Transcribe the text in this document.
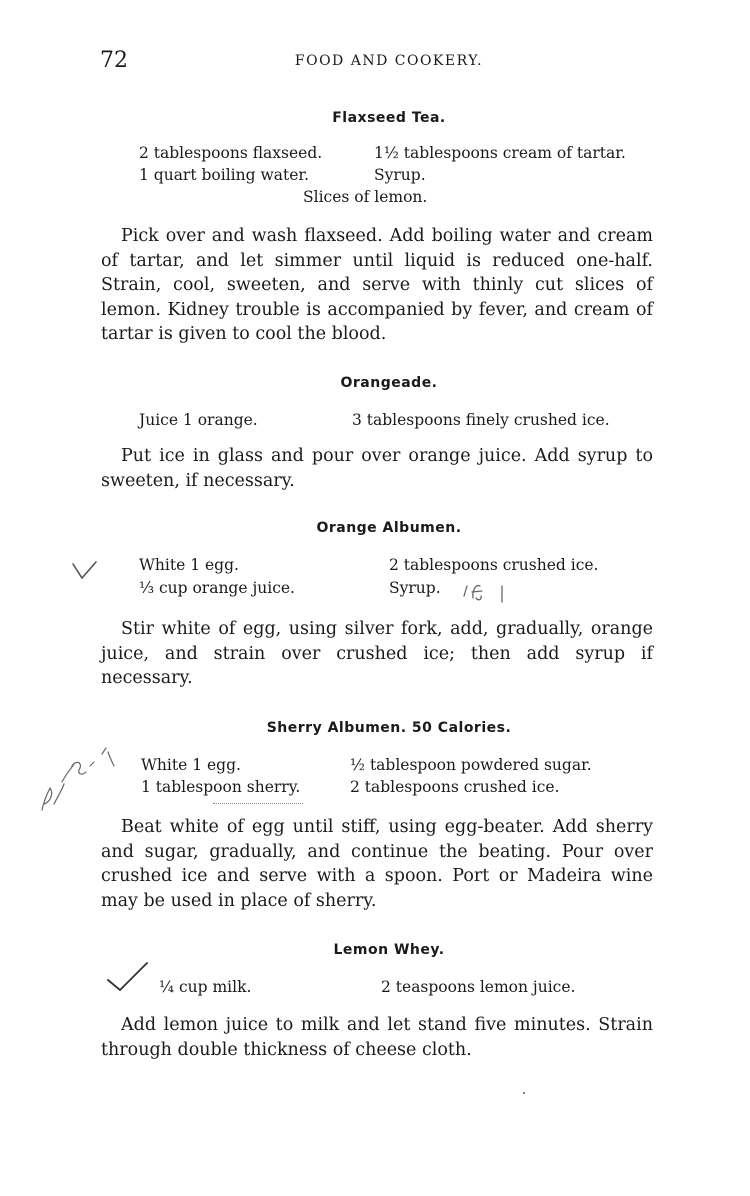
72	FOOD AND COOKERY.
Flaxseed Tea.
2 tablespoons flaxseed.	1½ tablespoons cream of tartar.
1 quart boiling water.	Syrup.
Slices of lemon.

Pick over and wash flaxseed. Add boiling water and cream of tartar, and let simmer until liquid is reduced one-half. Strain, cool, sweeten, and serve with thinly cut slices of lemon. Kidney trouble is accompanied by fever, and cream of tartar is given to cool the blood.

Orangeade.
Juice 1 orange.	3 tablespoons finely crushed ice.

Put ice in glass and pour over orange juice. Add syrup to sweeten, if necessary.

Orange Albumen.
White 1 egg.	2 tablespoons crushed ice.
⅓ cup orange juice.	Syrup.

Stir white of egg, using silver fork, add, gradually, orange juice, and strain over crushed ice; then add syrup if necessary.

Sherry Albumen. 50 Calories.
White 1 egg.	½ tablespoon powdered sugar.
1 tablespoon sherry.	2 tablespoons crushed ice.

Beat white of egg until stiff, using egg-beater. Add sherry and sugar, gradually, and continue the beating. Pour over crushed ice and serve with a spoon. Port or Madeira wine may be used in place of sherry.

Lemon Whey.
¼ cup milk.	2 teaspoons lemon juice.

Add lemon juice to milk and let stand five minutes. Strain through double thickness of cheese cloth.
